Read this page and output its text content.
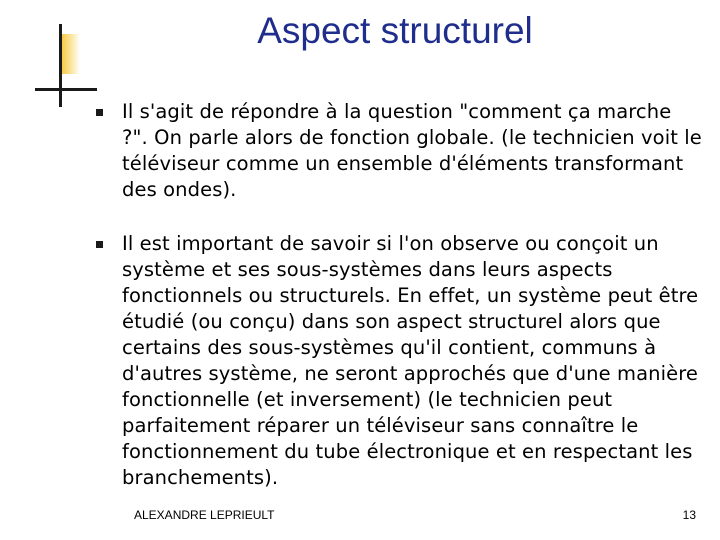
Aspect structurel
Il s'agit de répondre à la question "comment ça marche ?". On parle alors de fonction globale. (le technicien voit le téléviseur comme un ensemble d'éléments transformant des ondes).
Il est important de savoir si l'on observe ou conçoit un système et ses sous-systèmes dans leurs aspects fonctionnels ou structurels. En effet, un système peut être étudié (ou conçu) dans son aspect structurel alors que certains des sous-systèmes qu'il contient, communs à d'autres système, ne seront approchés que d'une manière fonctionnelle (et inversement) (le technicien peut parfaitement réparer un téléviseur sans connaître le fonctionnement du tube électronique et en respectant les branchements).
ALEXANDRE LEPRIEULT	13
